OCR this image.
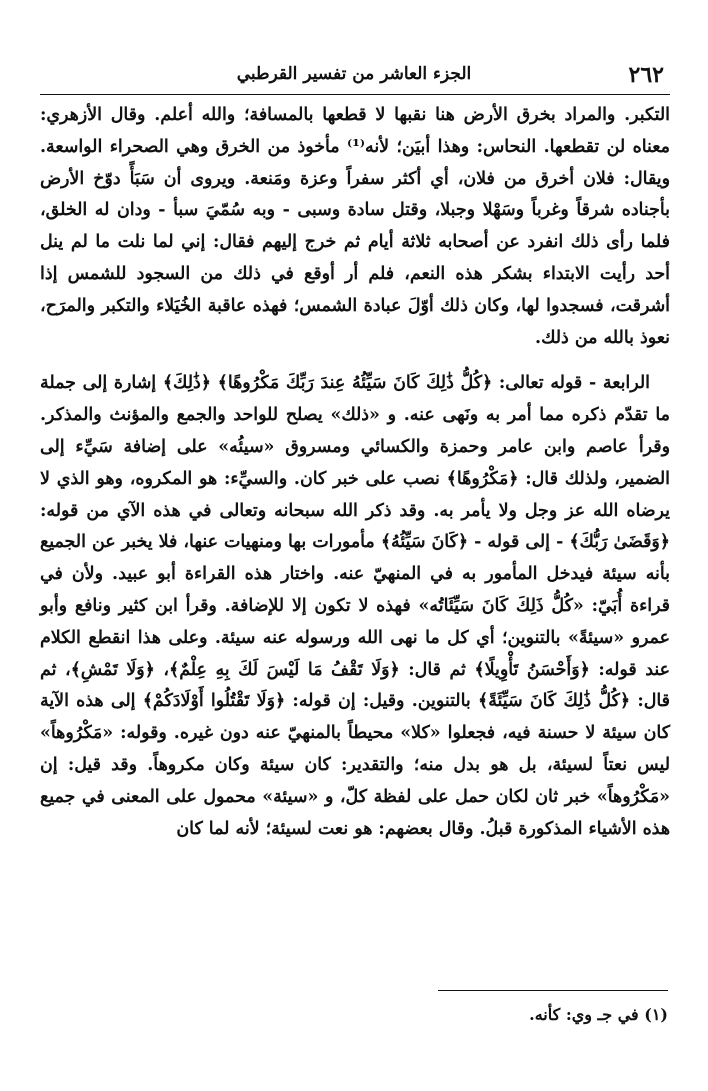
٢٦٢
الجزء العاشر من تفسير القرطبي

التكبر. والمراد بخرق الأرض هنا نقبها لا قطعها بالمسافة؛ والله أعلم. وقال الأزهري: معناه لن تقطعها. النحاس: وهذا أبيَن؛ لأنه⁽¹⁾ مأخوذ من الخرق وهي الصحراء الواسعة. ويقال: فلان أخرق من فلان، أي أكثر سفراً وعزة ومَنعة. ويروى أن سَبَأً دوّخ الأرض بأجناده شرقاً وغرباً وسَهْلا وجبلا، وقتل سادة وسبى - وبه سُمّيَ سبأ - ودان له الخلق، فلما رأى ذلك انفرد عن أصحابه ثلاثة أيام ثم خرج إليهم فقال: إني لما نلت ما لم ينل أحد رأيت الابتداء بشكر هذه النعم، فلم أر أوقع في ذلك من السجود للشمس إذا أشرقت، فسجدوا لها، وكان ذلك أوّلَ عبادة الشمس؛ فهذه عاقبة الخُيَلاء والتكبر والمرَح، نعوذ بالله من ذلك.

الرابعة - قوله تعالى: ﴿كُلُّ ذَٰلِكَ كَانَ سَيِّئُهُ عِندَ رَبِّكَ مَكْرُوهًا﴾ ﴿ذَٰلِكَ﴾ إشارة إلى جملة ما تقدّم ذكره مما أمر به ونَهى عنه. و «ذلك» يصلح للواحد والجمع والمؤنث والمذكر. وقرأ عاصم وابن عامر وحمزة والكسائي ومسروق «سيئُه» على إضافة سَيِّء إلى الضمير، ولذلك قال: ﴿مَكْرُوهًا﴾ نصب على خبر كان. والسيِّء: هو المكروه، وهو الذي لا يرضاه الله عز وجل ولا يأمر به. وقد ذكر الله سبحانه وتعالى في هذه الآي من قوله: ﴿وَقَضَىٰ رَبُّكَ﴾ - إلى قوله - ﴿كَانَ سَيِّئُهُ﴾ مأمورات بها ومنهيات عنها، فلا يخبر عن الجميع بأنه سيئة فيدخل المأمور به في المنهيّ عنه. واختار هذه القراءة أبو عبيد. ولأن في قراءة أُبَيّ: «كُلُّ ذَلِكَ كَانَ سَيِّئَاتُه» فهذه لا تكون إلا للإضافة. وقرأ ابن كثير ونافع وأبو عمرو «سيئةً» بالتنوين؛ أي كل ما نهى الله ورسوله عنه سيئة. وعلى هذا انقطع الكلام عند قوله: ﴿وَأَحْسَنُ تَأْوِيلًا﴾ ثم قال: ﴿وَلَا تَقْفُ مَا لَيْسَ لَكَ بِهِ عِلْمٌ﴾، ﴿وَلَا تَمْشِ﴾، ثم قال: ﴿كُلُّ ذَٰلِكَ كَانَ سَيِّئَةً﴾ بالتنوين. وقيل: إن قوله: ﴿وَلَا تَقْتُلُوا أَوْلَادَكُمْ﴾ إلى هذه الآية كان سيئة لا حسنة فيه، فجعلوا «كلا» محيطاً بالمنهيّ عنه دون غيره. وقوله: «مَكْرُوهاً» ليس نعتاً لسيئة، بل هو بدل منه؛ والتقدير: كان سيئة وكان مكروهاً. وقد قيل: إن «مَكْرُوهاً» خبر ثان لكان حمل على لفظة كلّ، و «سيئة» محمول على المعنى في جميع هذه الأشياء المذكورة قبلُ. وقال بعضهم: هو نعت لسيئة؛ لأنه لما كان

(١) في جـ وي: كأنه.
